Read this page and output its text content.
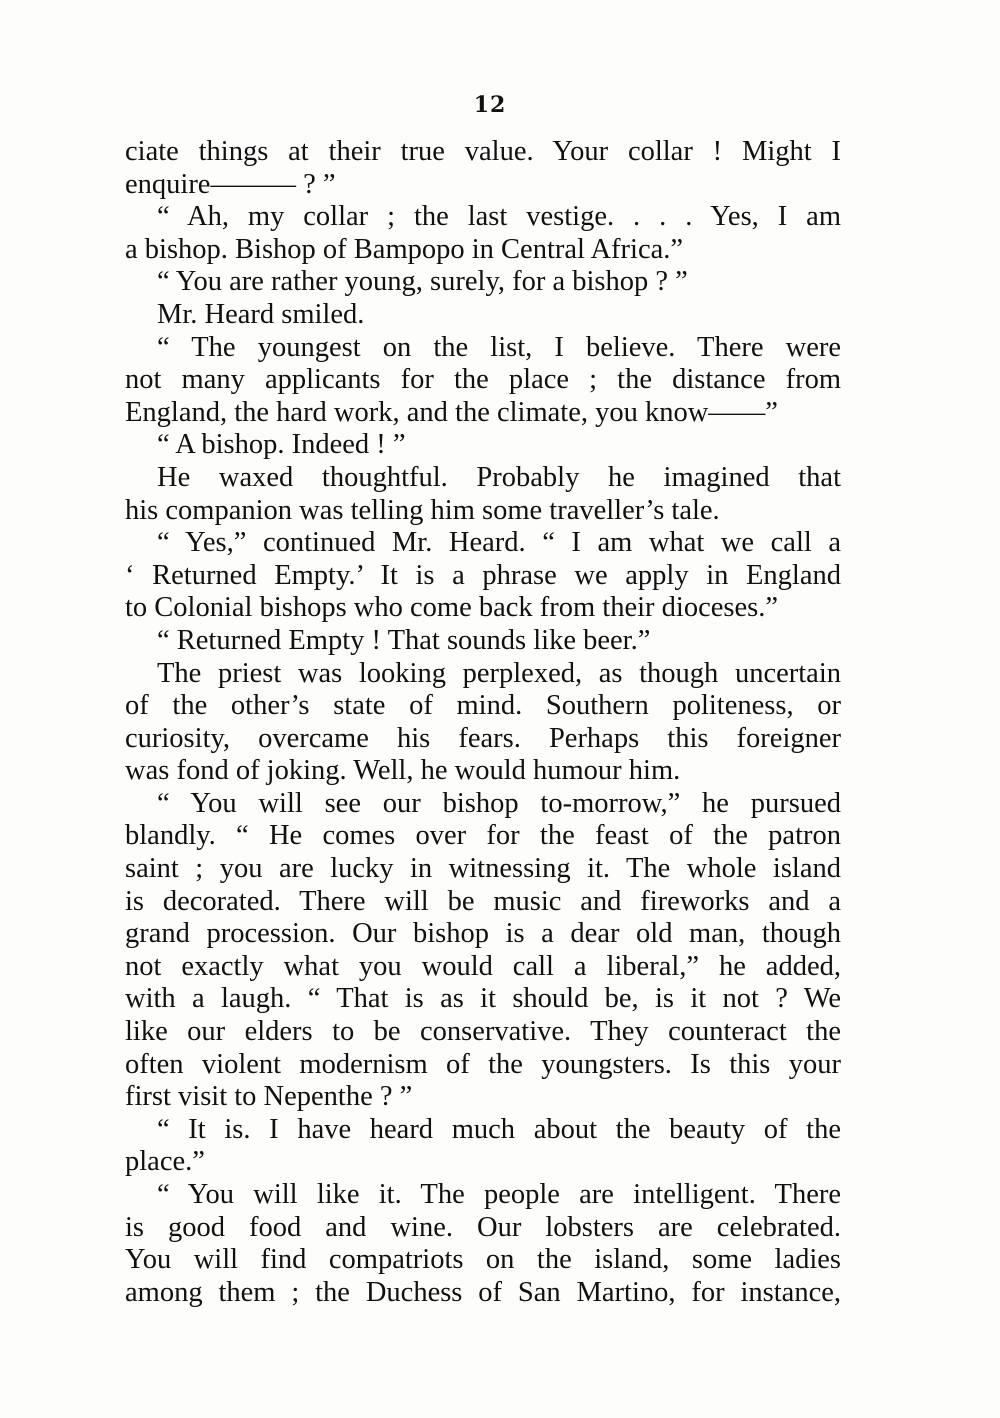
12
ciate things at their true value. Your collar ! Might I
enquire——— ? ”
“ Ah, my collar ; the last vestige. . . . Yes, I am
a bishop. Bishop of Bampopo in Central Africa.”
“ You are rather young, surely, for a bishop ? ”
Mr. Heard smiled.
“ The youngest on the list, I believe. There were
not many applicants for the place ; the distance from
England, the hard work, and the climate, you know——”
“ A bishop. Indeed ! ”
He waxed thoughtful. Probably he imagined that
his companion was telling him some traveller’s tale.
“ Yes,” continued Mr. Heard. “ I am what we call a
‘ Returned Empty.’ It is a phrase we apply in England
to Colonial bishops who come back from their dioceses.”
“ Returned Empty ! That sounds like beer.”
The priest was looking perplexed, as though uncertain
of the other’s state of mind. Southern politeness, or
curiosity, overcame his fears. Perhaps this foreigner
was fond of joking. Well, he would humour him.
“ You will see our bishop to-morrow,” he pursued
blandly. “ He comes over for the feast of the patron
saint ; you are lucky in witnessing it. The whole island
is decorated. There will be music and fireworks and a
grand procession. Our bishop is a dear old man, though
not exactly what you would call a liberal,” he added,
with a laugh. “ That is as it should be, is it not ? We
like our elders to be conservative. They counteract the
often violent modernism of the youngsters. Is this your
first visit to Nepenthe ? ”
“ It is. I have heard much about the beauty of the
place.”
“ You will like it. The people are intelligent. There
is good food and wine. Our lobsters are celebrated.
You will find compatriots on the island, some ladies
among them ; the Duchess of San Martino, for instance,
